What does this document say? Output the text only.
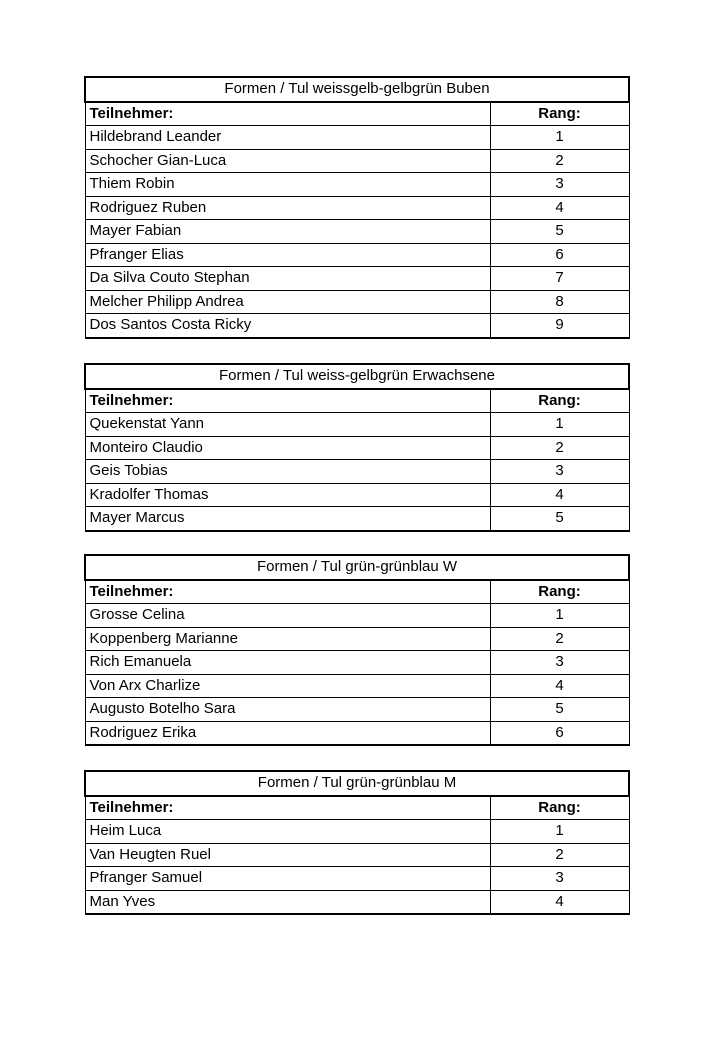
Formen / Tul weissgelb-gelbgrün Buben	
Teilnehmer:	Rang:
Hildebrand Leander	1
Schocher Gian-Luca	2
Thiem Robin	3
Rodriguez Ruben	4
Mayer Fabian	5
Pfranger Elias	6
Da Silva Couto Stephan	7
Melcher Philipp Andrea	8
Dos Santos Costa Ricky	9
Formen / Tul weiss-gelbgrün Erwachsene	
Teilnehmer:	Rang:
Quekenstat Yann	1
Monteiro Claudio	2
Geis Tobias	3
Kradolfer Thomas	4
Mayer Marcus	5
Formen / Tul grün-grünblau W	
Teilnehmer:	Rang:
Grosse Celina	1
Koppenberg Marianne	2
Rich Emanuela	3
Von Arx Charlize	4
Augusto Botelho Sara	5
Rodriguez Erika	6
Formen / Tul grün-grünblau M	
Teilnehmer:	Rang:
Heim Luca	1
Van Heugten Ruel	2
Pfranger Samuel	3
Man Yves	4
